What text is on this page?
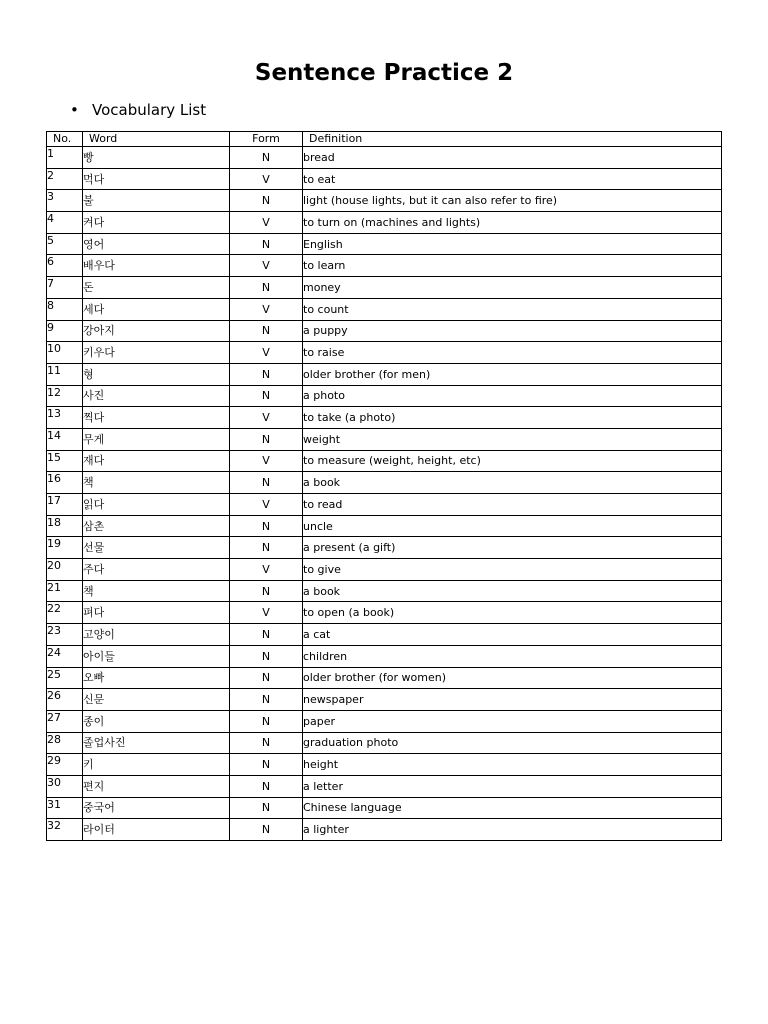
Sentence Practice 2
• Vocabulary List
No.	Word	Form	Definition
1	빵	N	bread
2	먹다	V	to eat
3	불	N	light (house lights, but it can also refer to fire)
4	켜다	V	to turn on (machines and lights)
5	영어	N	English
6	배우다	V	to learn
7	돈	N	money
8	세다	V	to count
9	강아지	N	a puppy
10	키우다	V	to raise
11	형	N	older brother (for men)
12	사진	N	a photo
13	찍다	V	to take (a photo)
14	무게	N	weight
15	재다	V	to measure (weight, height, etc)
16	책	N	a book
17	읽다	V	to read
18	삼촌	N	uncle
19	선물	N	a present (a gift)
20	주다	V	to give
21	책	N	a book
22	펴다	V	to open (a book)
23	고양이	N	a cat
24	아이들	N	children
25	오빠	N	older brother (for women)
26	신문	N	newspaper
27	종이	N	paper
28	졸업사진	N	graduation photo
29	키	N	height
30	편지	N	a letter
31	중국어	N	Chinese language
32	라이터	N	a lighter
